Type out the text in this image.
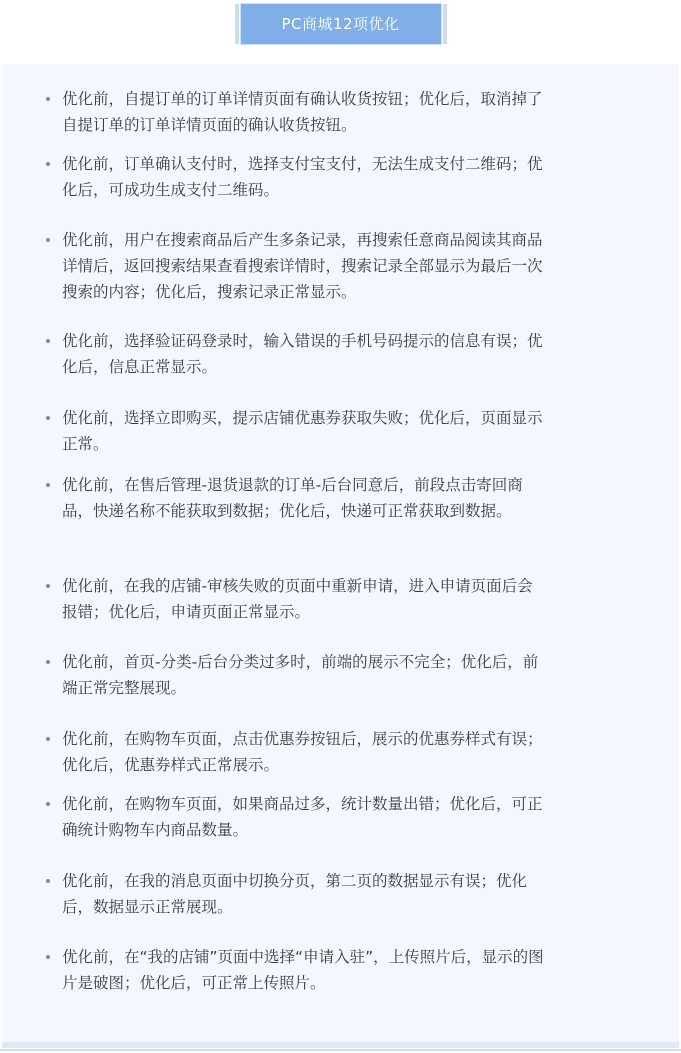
PC商城12项优化
优化前，自提订单的订单详情页面有确认收货按钮；优化后，取消掉了自提订单的订单详情页面的确认收货按钮。
优化前，订单确认支付时，选择支付宝支付，无法生成支付二维码；优化后，可成功生成支付二维码。
优化前，用户在搜索商品后产生多条记录，再搜索任意商品阅读其商品详情后，返回搜索结果查看搜索详情时，搜索记录全部显示为最后一次搜索的内容；优化后，搜索记录正常显示。
优化前，选择验证码登录时，输入错误的手机号码提示的信息有误；优化后，信息正常显示。
优化前，选择立即购买，提示店铺优惠券获取失败；优化后，页面显示正常。
优化前，在售后管理-退货退款的订单-后台同意后，前段点击寄回商品，快递名称不能获取到数据；优化后，快递可正常获取到数据。
优化前，在我的店铺-审核失败的页面中重新申请，进入申请页面后会报错；优化后，申请页面正常显示。
优化前，首页-分类-后台分类过多时，前端的展示不完全；优化后，前端正常完整展现。
优化前，在购物车页面，点击优惠券按钮后，展示的优惠券样式有误；优化后，优惠券样式正常展示。
优化前，在购物车页面，如果商品过多，统计数量出错；优化后，可正确统计购物车内商品数量。
优化前，在我的消息页面中切换分页，第二页的数据显示有误；优化后，数据显示正常展现。
优化前，在“我的店铺”页面中选择“申请入驻”，上传照片后，显示的图片是破图；优化后，可正常上传照片。
